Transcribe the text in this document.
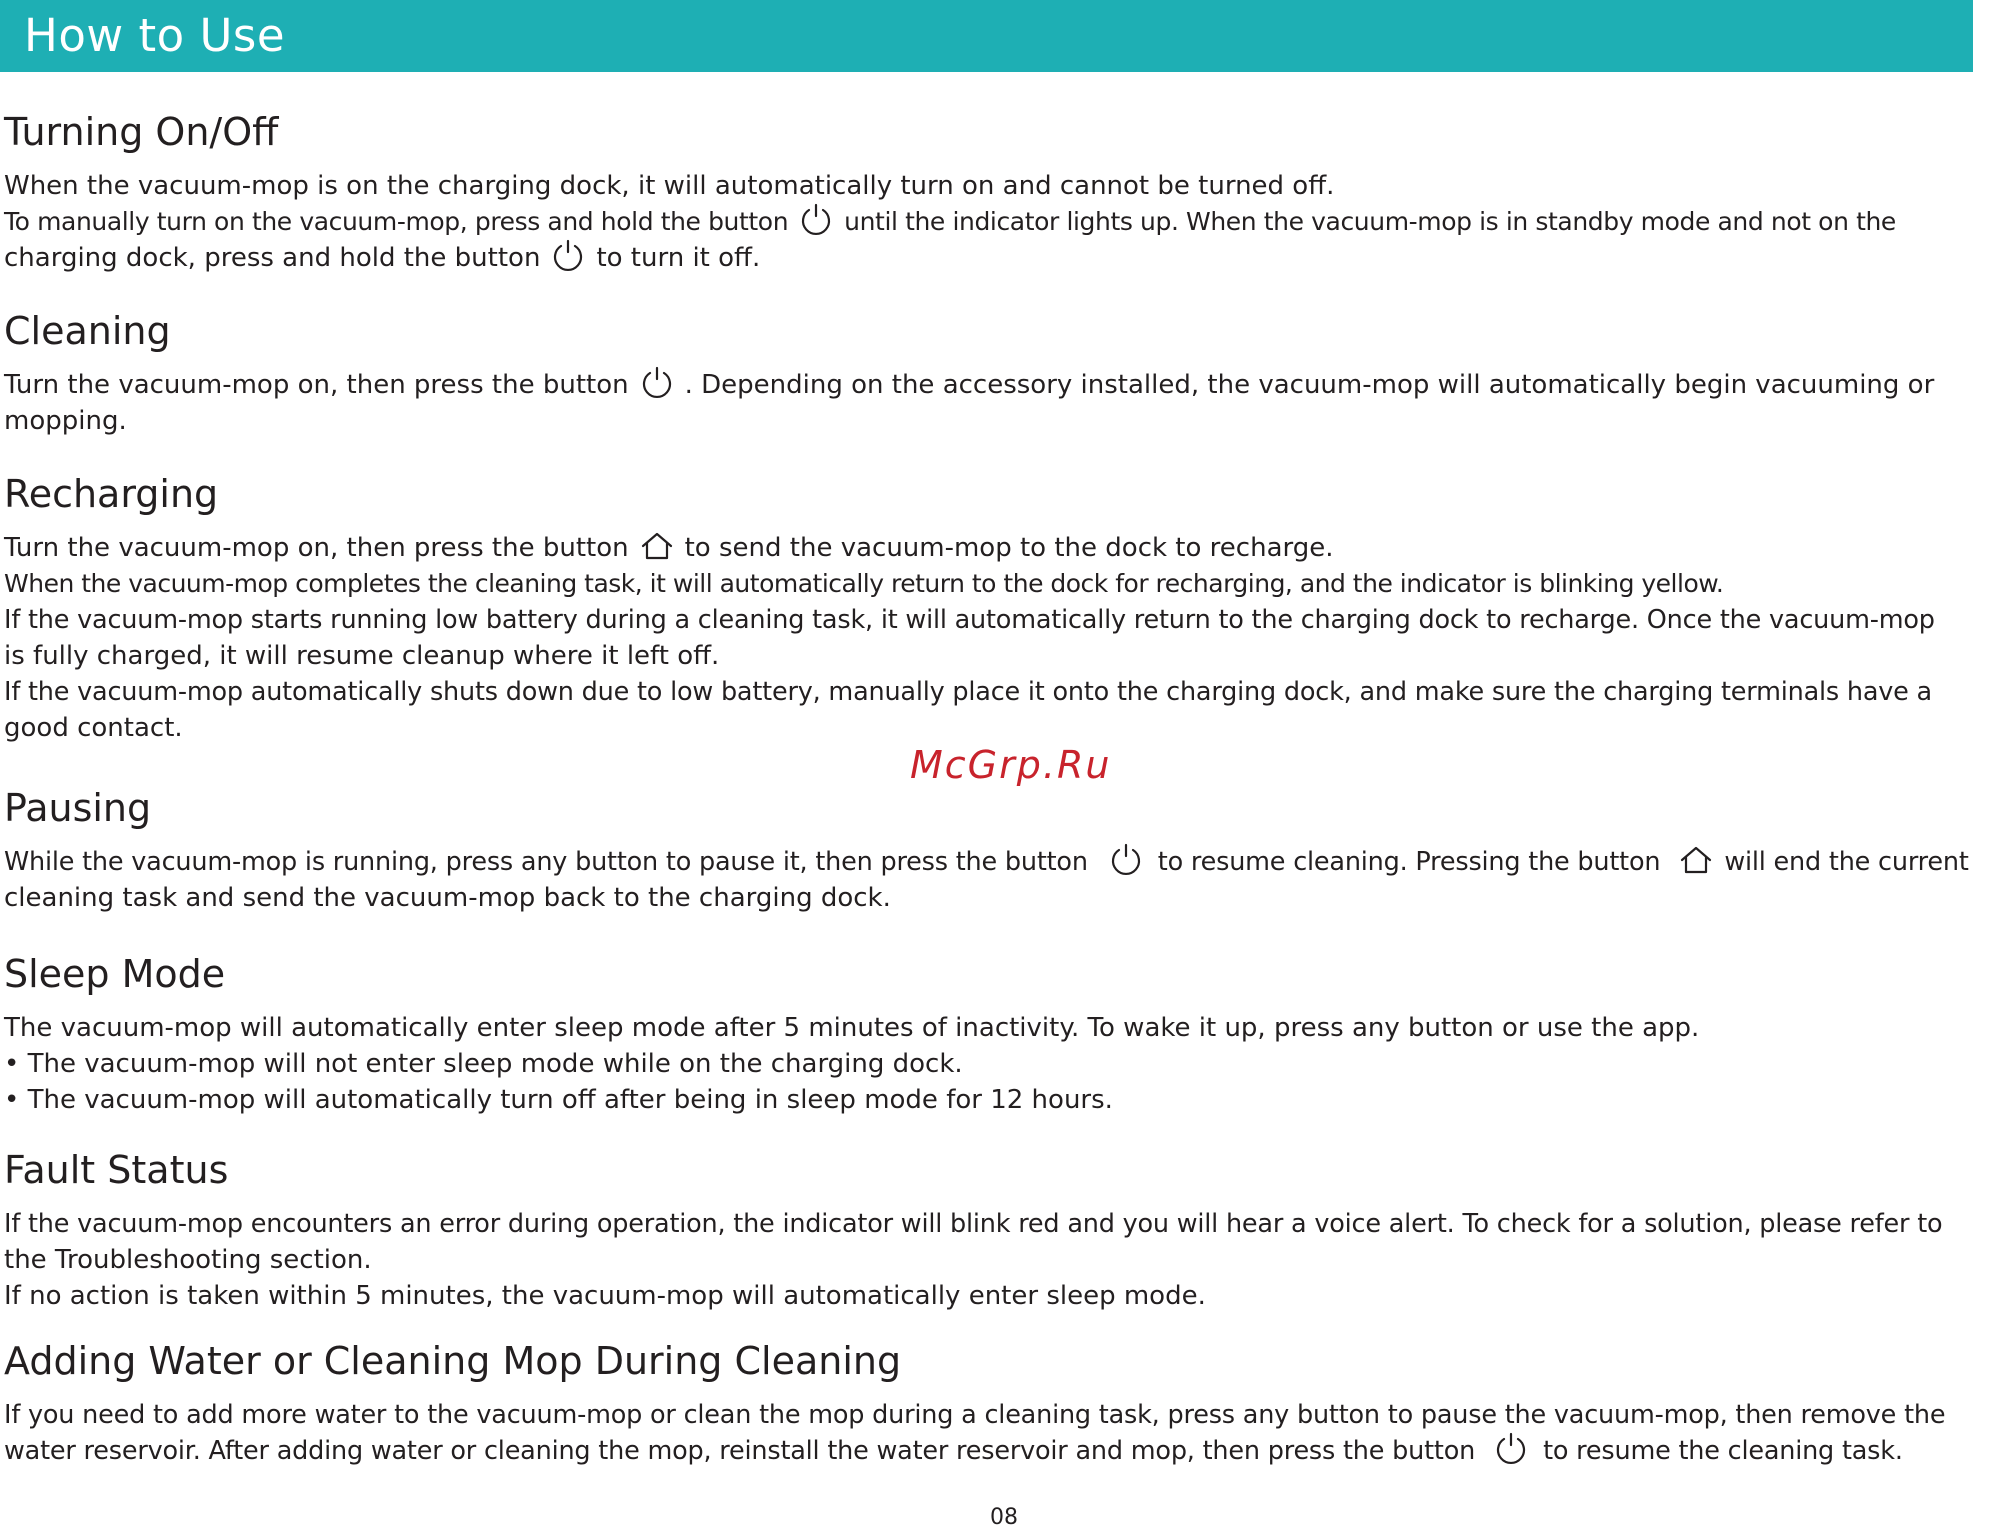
How to Use
Turning On/Off

When the vacuum-mop is on the charging dock, it will automatically turn on and cannot be turned off.

To manually turn on the vacuum-mop, press and hold the button until the indicator lights up. When the vacuum-mop is in standby mode and not on the

charging dock, press and hold the button to turn it off.

Cleaning

Turn the vacuum-mop on, then press the button . Depending on the accessory installed, the vacuum-mop will automatically begin vacuuming or

mopping.

Recharging

Turn the vacuum-mop on, then press the button to send the vacuum-mop to the dock to recharge.

When the vacuum-mop completes the cleaning task, it will automatically return to the dock for recharging, and the indicator is blinking yellow.

If the vacuum-mop starts running low battery during a cleaning task, it will automatically return to the charging dock to recharge. Once the vacuum-mop

is fully charged, it will resume cleanup where it left off.

If the vacuum-mop automatically shuts down due to low battery, manually place it onto the charging dock, and make sure the charging terminals have a

good contact.

Pausing

While the vacuum-mop is running, press any button to pause it, then press the button	to resume cleaning. Pressing the button	will end the current

cleaning task and send the vacuum-mop back to the charging dock.

Sleep Mode

The vacuum-mop will automatically enter sleep mode after 5 minutes of inactivity. To wake it up, press any button or use the app.

• The vacuum-mop will not enter sleep mode while on the charging dock.

• The vacuum-mop will automatically turn off after being in sleep mode for 12 hours.

Fault Status

If the vacuum-mop encounters an error during operation, the indicator will blink red and you will hear a voice alert. To check for a solution, please refer to

the Troubleshooting section.

If no action is taken within 5 minutes, the vacuum-mop will automatically enter sleep mode.

Adding Water or Cleaning Mop During Cleaning

If you need to add more water to the vacuum-mop or clean the mop during a cleaning task, press any button to pause the vacuum-mop, then remove the

water reservoir. After adding water or cleaning the mop, reinstall the water reservoir and mop, then press the button	to resume the cleaning task.

McGrp.Ru
08
